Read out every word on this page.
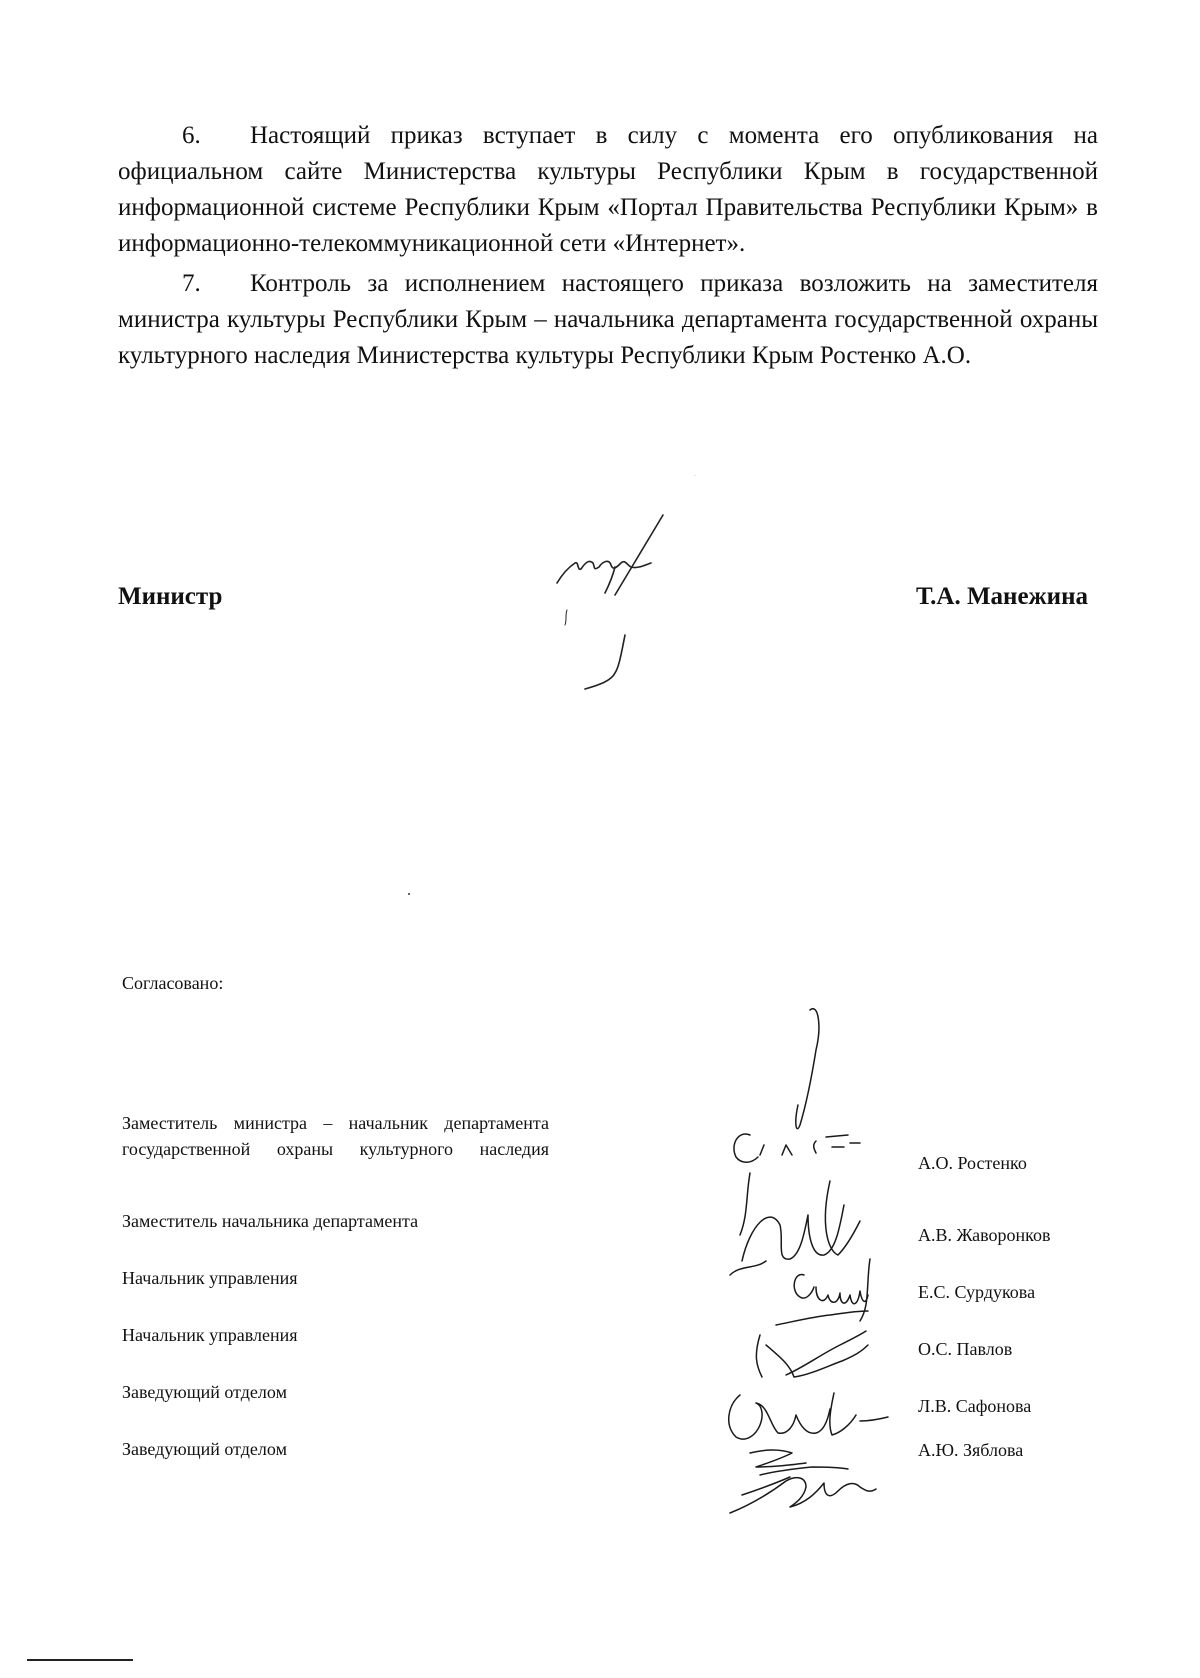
6. Настоящий приказ вступает в силу с момента его опубликования на официальном сайте Министерства культуры Республики Крым в государственной информационной системе Республики Крым «Портал Правительства Республики Крым» в информационно-телекоммуникационной сети «Интернет».

7. Контроль за исполнением настоящего приказа возложить на заместителя министра культуры Республики Крым – начальника департамента государственной охраны культурного наследия Министерства культуры Республики Крым Ростенко А.О.

Министр	Т.А. Манежина
Согласовано:
Заместитель министра – начальник департамента государственной охраны культурного наследия
А.О. Ростенко
Заместитель начальника департамента
А.В. Жаворонков
Начальник управления
Е.С. Сурдукова
Начальник управления
О.С. Павлов
Заведующий отделом
Л.В. Сафонова
Заведующий отделом	А.Ю. Зяблова
